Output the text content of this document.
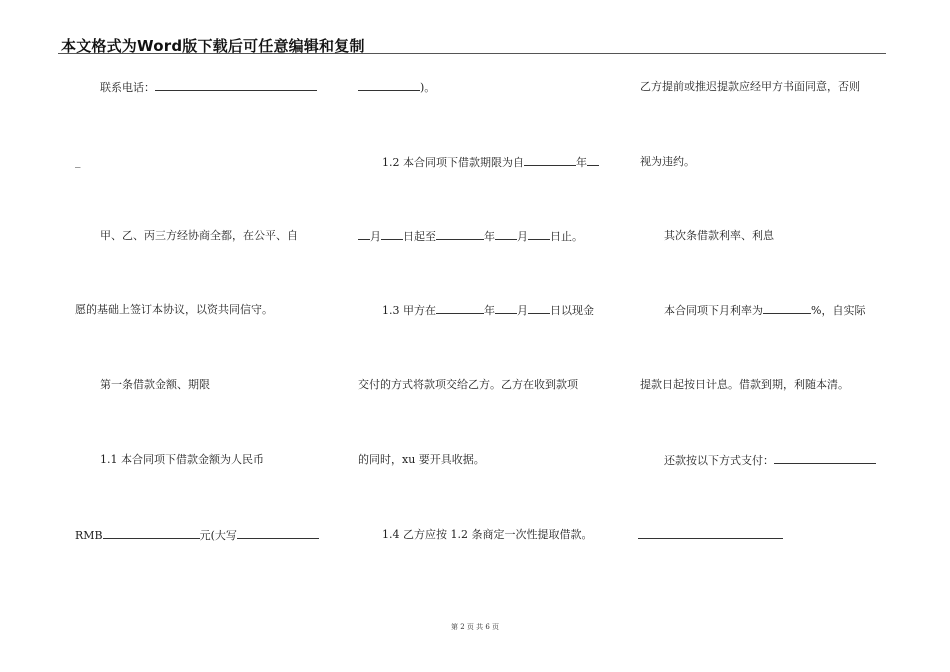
本文格式为Word版下载后可任意编辑和复制
联系电话：
_
甲、乙、丙三方经协商全都，在公平、自
愿的基础上签订本协议，以资共同信守。
第一条借款金额、期限
1.1 本合同项下借款金额为人民币
RMB	元(大写
)。
1.2 本合同项下借款期限为自	年
月 日起至	年 月 日止。
1.3 甲方在	年 月 日以现金
交付的方式将款项交给乙方。乙方在收到款项
的同时，xu 要开具收据。
1.4 乙方应按 1.2 条商定一次性提取借款。
乙方提前或推迟提款应经甲方书面同意，否则
视为违约。
其次条借款利率、利息
本合同项下月利率为	%，自实际
提款日起按日计息。借款到期，利随本清。
还款按以下方式支付：
第 2 页 共 6 页
